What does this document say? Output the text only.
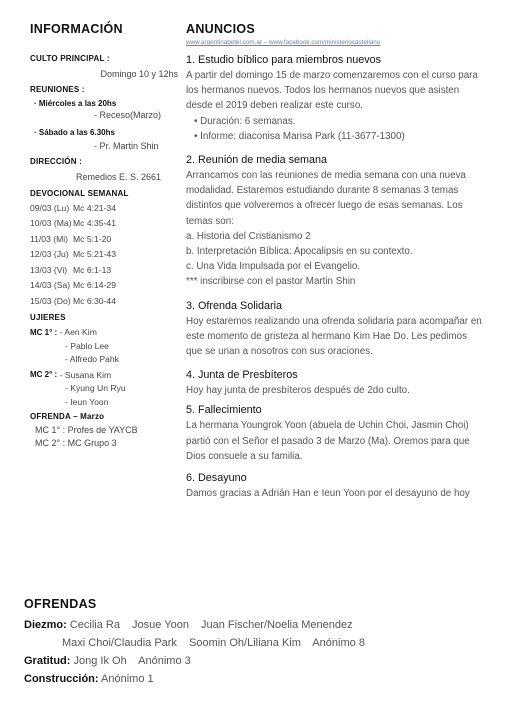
INFORMACIÓN
CULTO PRINCIPAL :
Domingo 10 y 12hs
REUNIONES :
· Miércoles a las 20hs
- Receso(Marzo)
· Sábado a las 6.30hs
- Pr. Martin Shin
DIRECCIÓN :
Remedios E. S. 2661
DEVOCIONAL SEMANAL
09/03 (Lu) Mc 4:21-34
10/03 (Ma) Mc 4:35-41
11/03 (Mi) Mc 5:1-20
12/03 (Ju) Mc 5:21-43
13/03 (Vi) Mc 6:1-13
14/03 (Sa) Mc 6:14-29
15/03 (Do) Mc 6:30-44
UJIERES
MC 1° :
- Aen Kim
- Pablo Lee
- Alfredo Pahk
MC 2° :
- Susana Kim
- Kyung Un Ryu
- Ieun Yoon
OFRENDA – Marzo
MC 1° : Profes de YAYCB
MC 2° : MC Grupo 3
ANUNCIOS
www.argentinabetel.com.ar – www.facebook.com/ministeriocastellano
1. Estudio bíblico para miembros nuevos

A partir del domingo 15 de marzo comenzaremos con el curso para los hermanos nuevos. Todos los hermanos nuevos que asisten desde el 2019 deben realizar este curso.

• Duración: 6 semanas.
• Informe: diaconisa Marisa Park (11-3677-1300)
2. Reunión de media semana

Arrancamos con las reuniones de media semana con una nueva modalidad. Estaremos estudiando durante 8 semanas 3 temas distintos que volveremos a ofrecer luego de esas semanas. Los temas son:

a. Historia del Cristianismo 2
b. Interpretación Bíblica: Apocalipsis en su contexto.
c. Una Vida Impulsada por el Evangelio.
*** inscribirse con el pastor Martin Shin
3. Ofrenda Solidaria

Hoy estaremos realizando una ofrenda solidaria para acompañar en este momento de gristeza al hermano Kim Hae Do. Les pedimos que se unan a nosotros con sus oraciones.

4. Junta de Presbíteros

Hoy hay junta de presbíteros después de 2do culto.

5. Fallecimiento

La hermana Youngrok Yoon (abuela de Uchin Choi, Jasmin Choi) partió con el Señor el pasado 3 de Marzo (Ma). Oremos para que Dios consuele a su familia.

6. Desayuno

Damos gracias a Adrián Han e Ieun Yoon por el desayuno de hoy

OFRENDAS
Diezmo: Cecilia Ra Josue Yoon Juan Fischer/Noelia Menendez
Maxi Choi/Claudia Park Soomin Oh/Liliana Kim Anónimo 8
Gratitud: Jong Ik Oh Anónimo 3
Construcción: Anónimo 1
